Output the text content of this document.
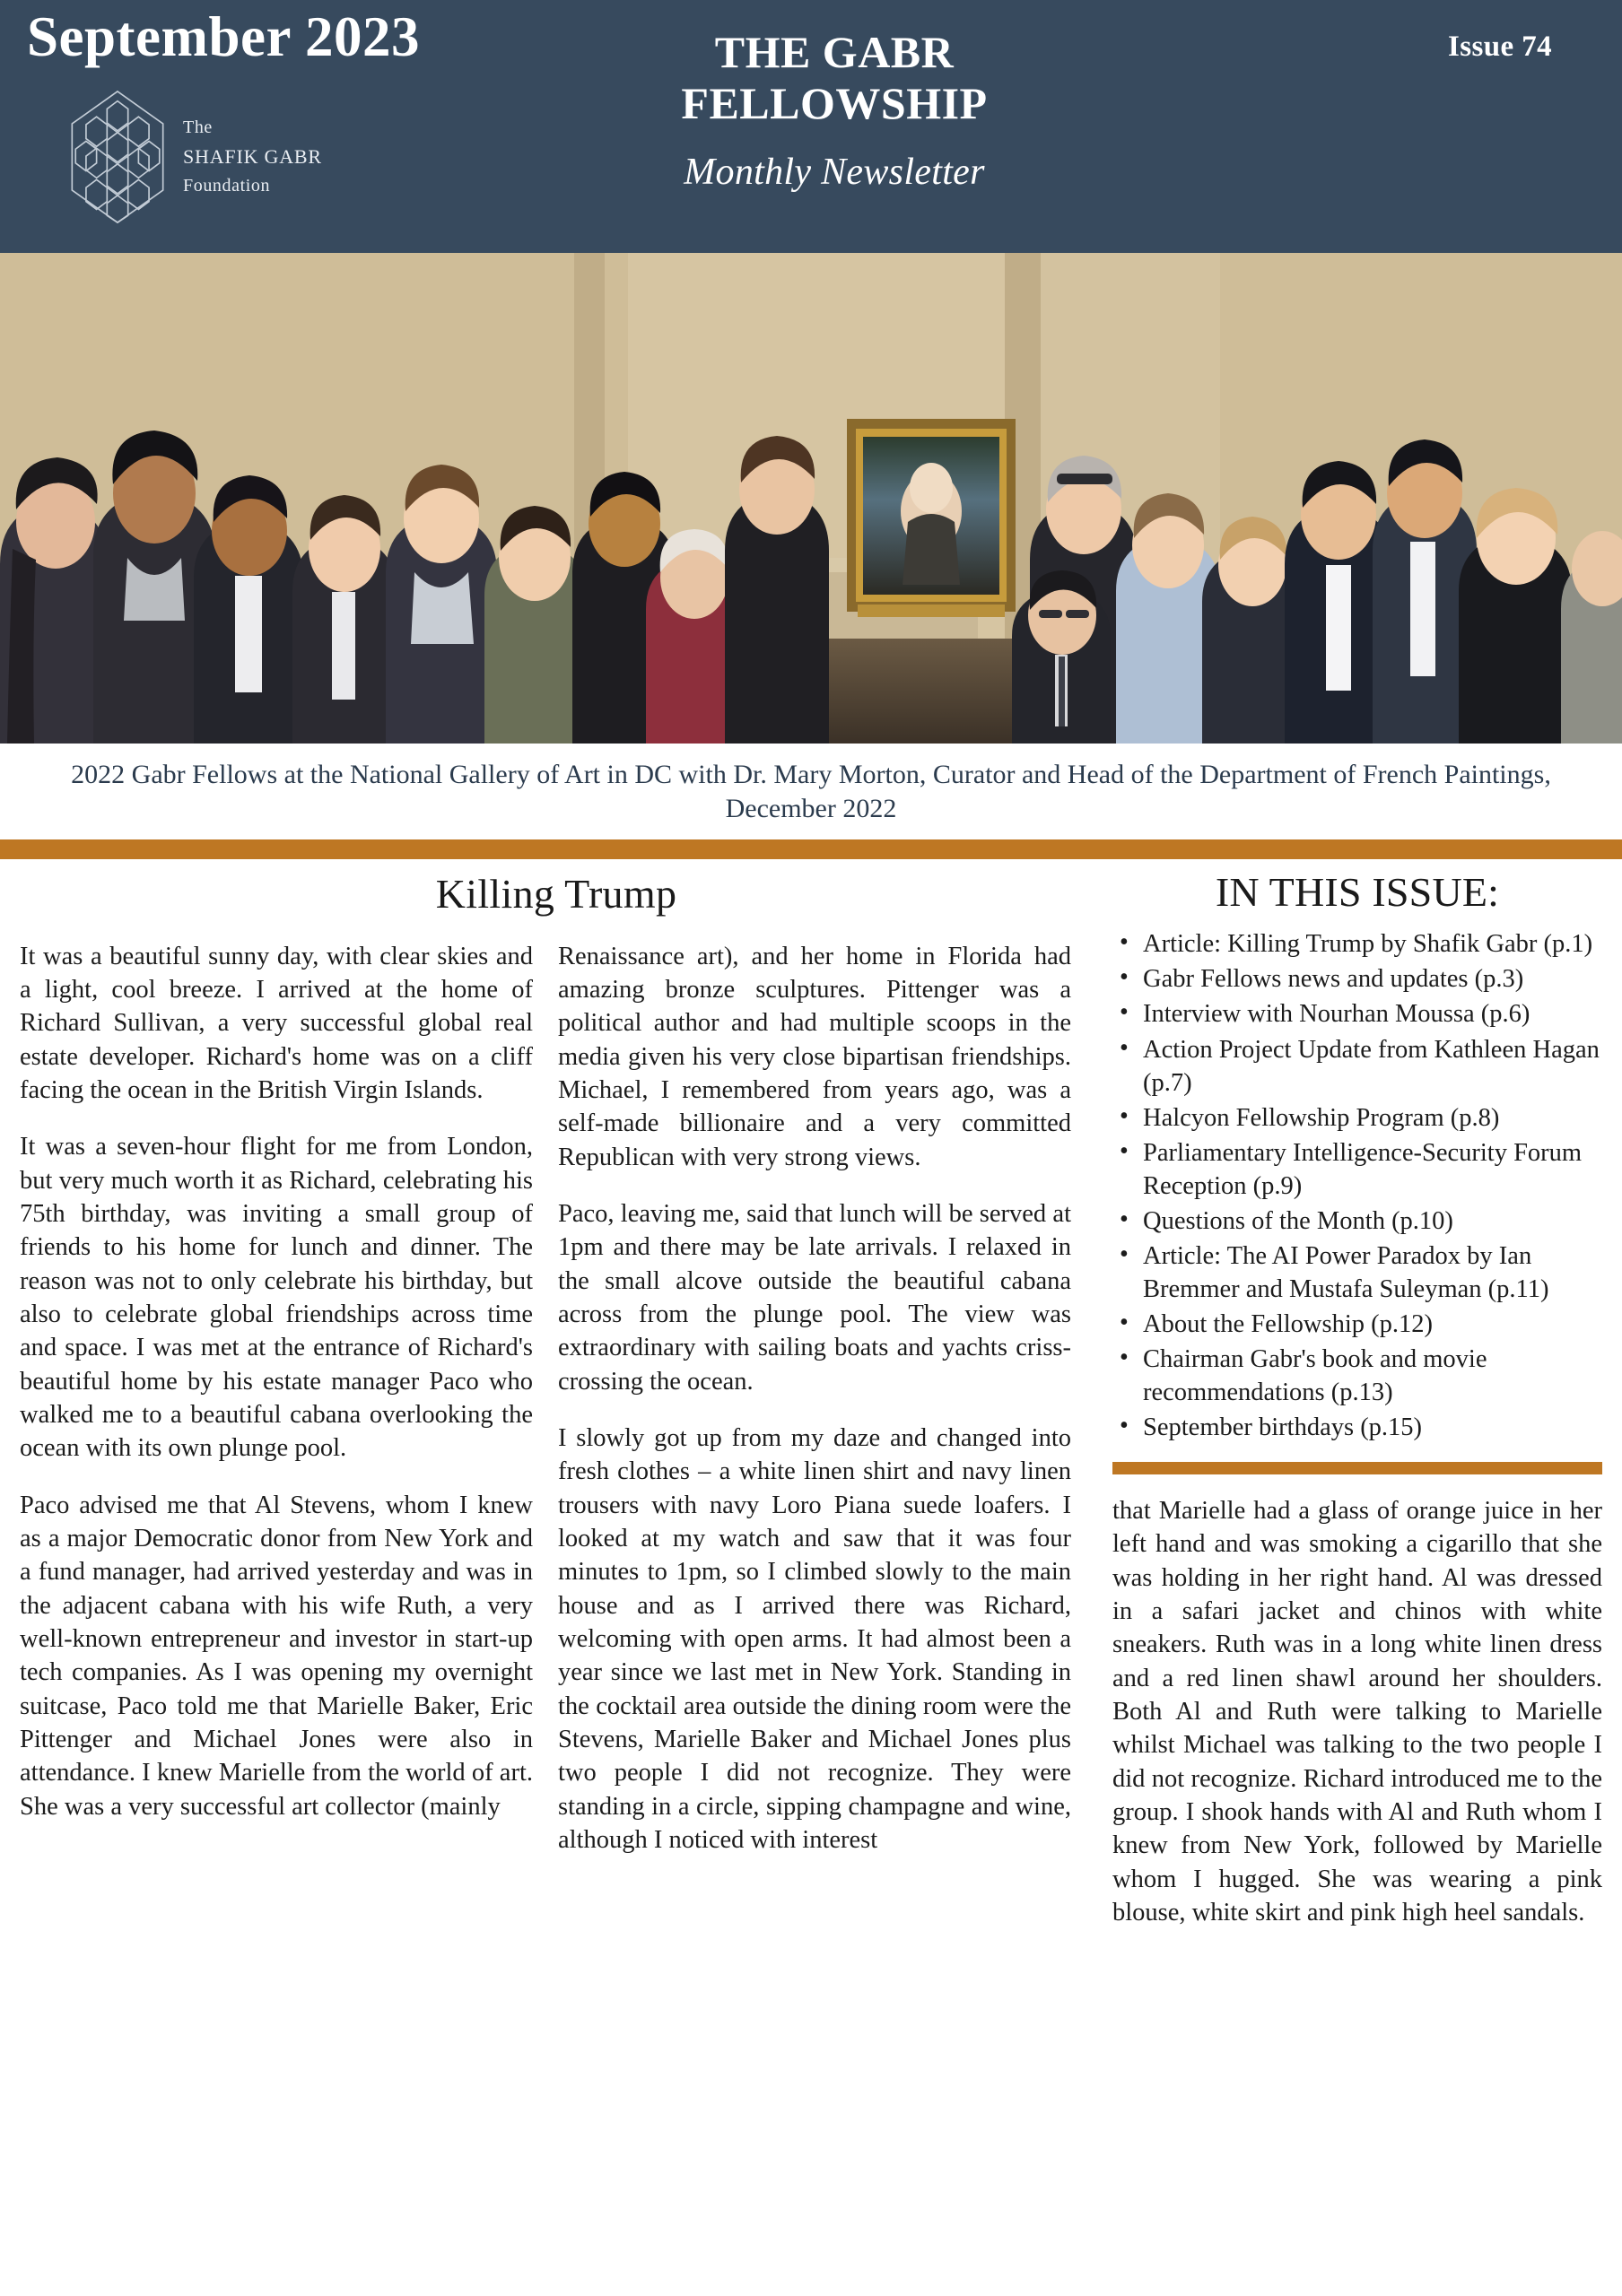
September 2023
The
SHAFIK GABR
Foundation
THE GABR
FELLOWSHIP
Monthly Newsletter
Issue 74
2022 Gabr Fellows at the National Gallery of Art in DC with Dr. Mary Morton, Curator and Head of the Department of French Paintings, December 2022
Killing Trump

It was a beautiful sunny day, with clear skies and a light, cool breeze. I arrived at the home of Richard Sullivan, a very successful global real estate developer. Richard's home was on a cliff facing the ocean in the British Virgin Islands.

It was a seven-hour flight for me from London, but very much worth it as Richard, celebrating his 75th birthday, was inviting a small group of friends to his home for lunch and dinner. The reason was not to only celebrate his birthday, but also to celebrate global friendships across time and space. I was met at the entrance of Richard's beautiful home by his estate manager Paco who walked me to a beautiful cabana overlooking the ocean with its own plunge pool.

Paco advised me that Al Stevens, whom I knew as a major Democratic donor from New York and a fund manager, had arrived yesterday and was in the adjacent cabana with his wife Ruth, a very well-known entrepreneur and investor in start-up tech companies. As I was opening my overnight suitcase, Paco told me that Marielle Baker, Eric Pittenger and Michael Jones were also in attendance. I knew Marielle from the world of art. She was a very successful art collector (mainly

Renaissance art), and her home in Florida had amazing bronze sculptures. Pittenger was a political author and had multiple scoops in the media given his very close bipartisan friendships. Michael, I remembered from years ago, was a self-made billionaire and a very committed Republican with very strong views.

Paco, leaving me, said that lunch will be served at 1pm and there may be late arrivals. I relaxed in the small alcove outside the beautiful cabana across from the plunge pool. The view was extraordinary with sailing boats and yachts criss-crossing the ocean.

I slowly got up from my daze and changed into fresh clothes – a white linen shirt and navy linen trousers with navy Loro Piana suede loafers. I looked at my watch and saw that it was four minutes to 1pm, so I climbed slowly to the main house and as I arrived there was Richard, welcoming with open arms. It had almost been a year since we last met in New York. Standing in the cocktail area outside the dining room were the Stevens, Marielle Baker and Michael Jones plus two people I did not recognize. They were standing in a circle, sipping champagne and wine, although I noticed with interest

IN THIS ISSUE:
• Article: Killing Trump by Shafik Gabr (p.1)
• Gabr Fellows news and updates (p.3)
• Interview with Nourhan Moussa (p.6)
• Action Project Update from Kathleen Hagan (p.7)
• Halcyon Fellowship Program (p.8)
• Parliamentary Intelligence-Security Forum Reception (p.9)
• Questions of the Month (p.10)
• Article: The AI Power Paradox by Ian Bremmer and Mustafa Suleyman (p.11)
• About the Fellowship (p.12)
• Chairman Gabr's book and movie recommendations (p.13)
• September birthdays (p.15)

that Marielle had a glass of orange juice in her left hand and was smoking a cigarillo that she was holding in her right hand. Al was dressed in a safari jacket and chinos with white sneakers. Ruth was in a long white linen dress and a red linen shawl around her shoulders. Both Al and Ruth were talking to Marielle whilst Michael was talking to the two people I did not recognize. Richard introduced me to the group. I shook hands with Al and Ruth whom I knew from New York, followed by Marielle whom I hugged. She was wearing a pink blouse, white skirt and pink high heel sandals.
